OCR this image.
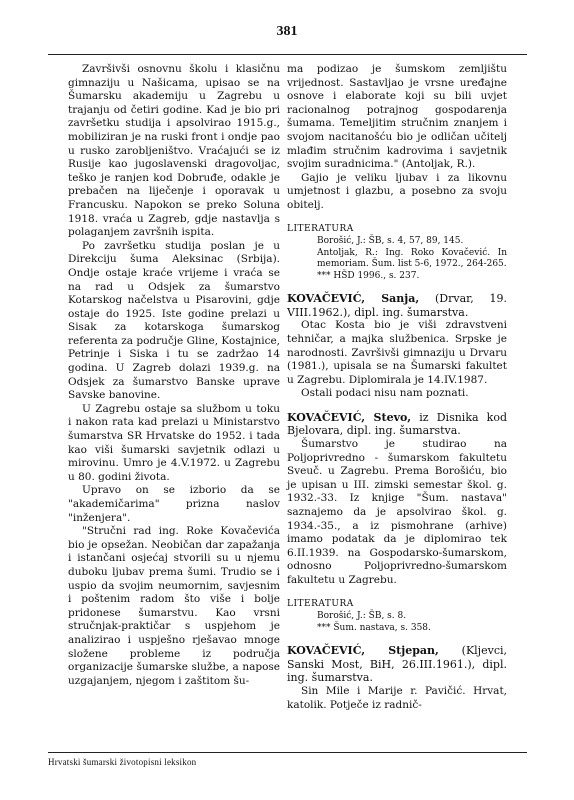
381

Završivši osnovnu školu i klasičnu gimnaziju u Našicama, upisao se na Šumarsku akademiju u Zagrebu u trajanju od četiri godine. Kad je bio pri završetku studija i apsolvirao 1915.g., mobiliziran je na ruski front i ondje pao u rusko zarobljeništvo. Vraćajući se iz Rusije kao jugoslavenski dragovoljac, teško je ranjen kod Dobruđe, odakle je prebačen na liječenje i oporavak u Francusku. Napokon se preko Soluna 1918. vraća u Zagreb, gdje nastavlja s polaganjem završnih ispita.

Po završetku studija poslan je u Direkciju šuma Aleksinac (Srbija). Ondje ostaje kraće vrijeme i vraća se na rad u Odsjek za šumarstvo Kotarskog načelstva u Pisarovini, gdje ostaje do 1925. Iste godine prelazi u Sisak za kotarskoga šumarskog referenta za područje Gline, Kostajnice, Petrinje i Siska i tu se zadržao 14 godina. U Zagreb dolazi 1939.g. na Odsjek za šumarstvo Banske uprave Savske banovine.

U Zagrebu ostaje sa službom u toku i nakon rata kad prelazi u Ministarstvo šumarstva SR Hrvatske do 1952. i tada kao viši šumarski savjetnik odlazi u mirovinu. Umro je 4.V.1972. u Zagrebu u 80. godini života.

Upravo on se izborio da se "akademičarima" prizna naslov "inženjera".

"Stručni rad ing. Roke Kovačevića bio je opsežan. Neobičan dar zapažanja i istančani osjećaj stvorili su u njemu duboku ljubav prema šumi. Trudio se i uspio da svojim neumornim, savjesnim i poštenim radom što više i bolje pridonese šumarstvu. Kao vrsni stručnjak-praktičar s uspjehom je analizirao i uspješno rješavao mnoge složene probleme iz područja organizacije šumarske službe, a napose uzgajanjem, njegom i zaštitom šu-

ma podizao je šumskom zemljištu vrijednost. Sastavljao je vrsne uređajne osnove i elaborate koji su bili uvjet racionalnog potrajnog gospodarenja šumama. Temeljitim stručnim znanjem i svojom nacitanošću bio je odličan učitelj mlađim stručnim kadrovima i savjetnik svojim suradnicima." (Antoljak, R.).

Gajio je veliku ljubav i za likovnu umjetnost i glazbu, a posebno za svoju obitelj.

LITERATURA

Borošić, J.: ŠB, s. 4, 57, 89, 145.

Antoljak, R.: Ing. Roko Kovačević. In memoriam. Šum. list 5-6, 1972., 264-265.

*** HŠD 1996., s. 237.

KOVAČEVIĆ, Sanja, (Drvar, 19. VIII.1962.), dipl. ing. šumarstva.

Otac Kosta bio je viši zdravstveni tehničar, a majka službenica. Srpske je narodnosti. Završivši gimnaziju u Drvaru (1981.), upisala se na Šumarski fakultet u Zagrebu. Diplomirala je 14.IV.1987.

Ostali podaci nisu nam poznati.

KOVAČEVIĆ, Stevo, iz Disnika kod Bjelovara, dipl. ing. šumarstva.

Šumarstvo je studirao na Poljoprivredno - šumarskom fakultetu Sveuč. u Zagrebu. Prema Borošiću, bio je upisan u III. zimski semestar škol. g. 1932.-33. Iz knjige "Šum. nastava" saznajemo da je apsolvirao škol. g. 1934.-35., a iz pismohrane (arhive) imamo podatak da je diplomirao tek 6.II.1939. na Gospodarsko-šumarskom, odnosno Poljoprivredno-šumarskom fakultetu u Zagrebu.

LITERATURA

Borošić, J.: ŠB, s. 8.

*** Šum. nastava, s. 358.

KOVAČEVIĆ, Stjepan, (Kljevci, Sanski Most, BiH, 26.III.1961.), dipl. ing. šumarstva.

Sin Mile i Marije r. Pavičić. Hrvat, katolik. Potječe iz radnič-

Hrvatski šumarski životopisni leksikon
